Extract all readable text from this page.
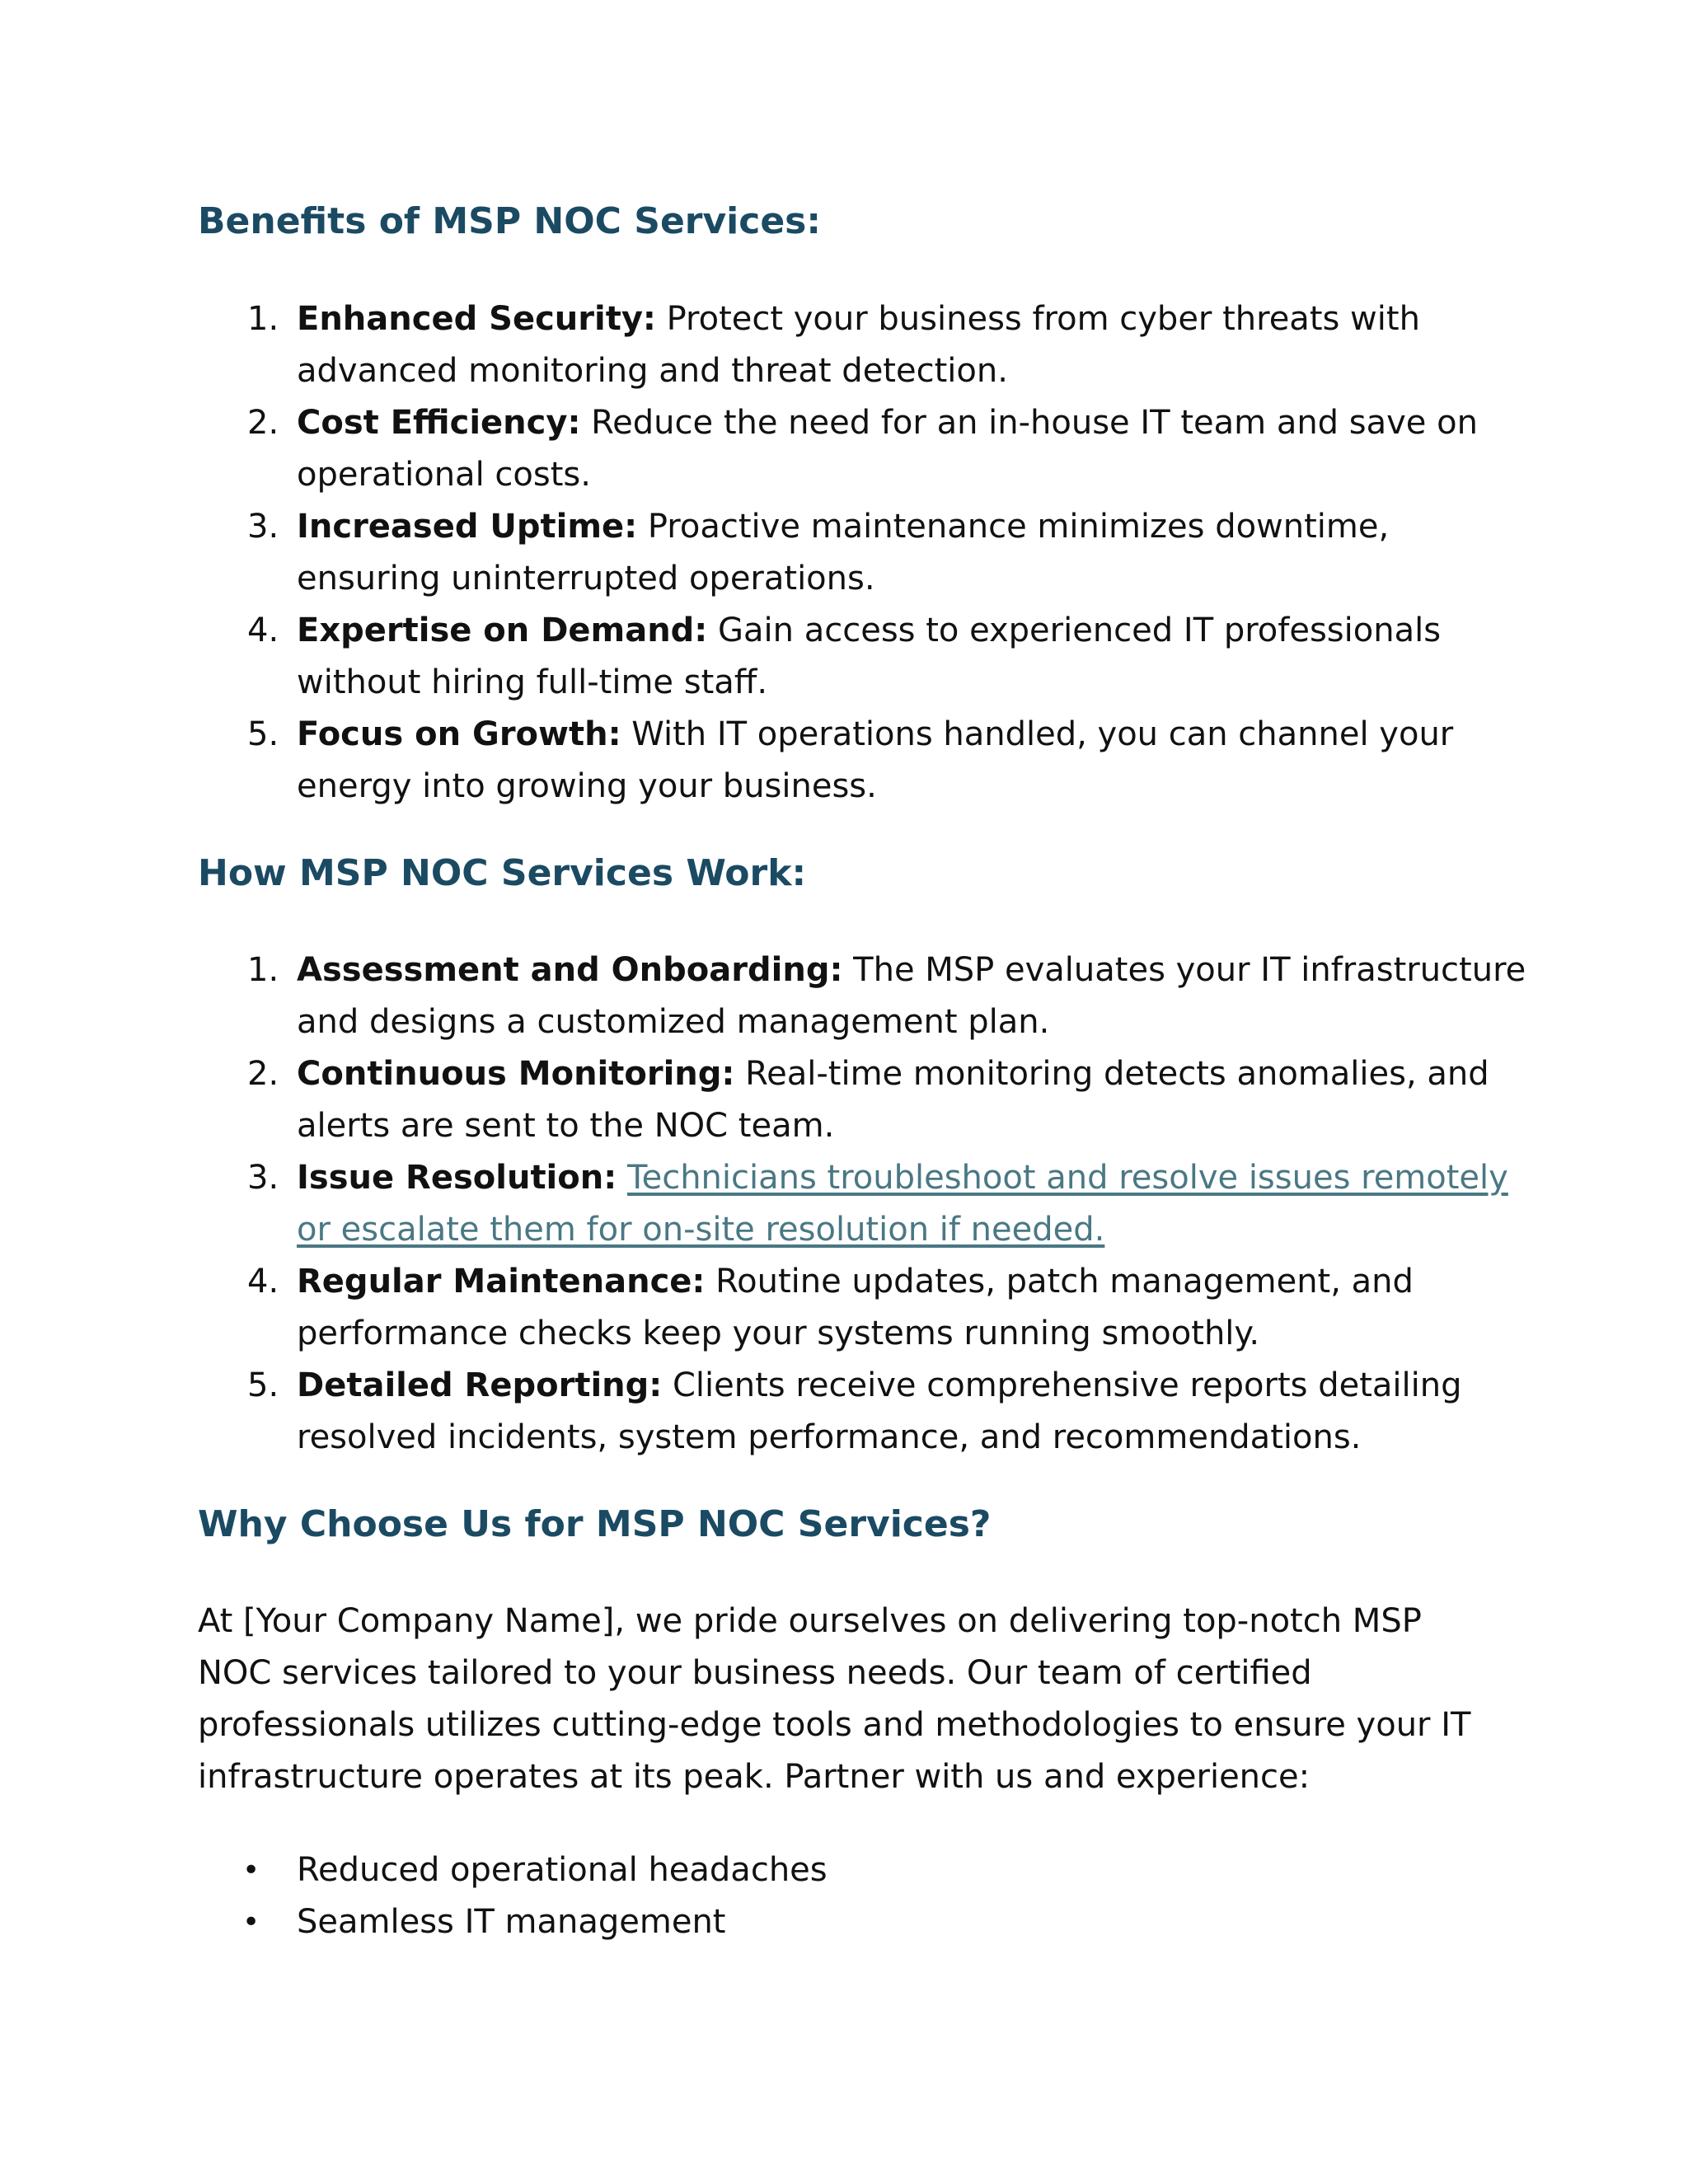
Benefits of MSP NOC Services:
1. Enhanced Security: Protect your business from cyber threats with advanced monitoring and threat detection.
2. Cost Efficiency: Reduce the need for an in-house IT team and save on operational costs.
3. Increased Uptime: Proactive maintenance minimizes downtime, ensuring uninterrupted operations.
4. Expertise on Demand: Gain access to experienced IT professionals without hiring full-time staff.
5. Focus on Growth: With IT operations handled, you can channel your energy into growing your business.
How MSP NOC Services Work:
1. Assessment and Onboarding: The MSP evaluates your IT infrastructure and designs a customized management plan.
2. Continuous Monitoring: Real-time monitoring detects anomalies, and alerts are sent to the NOC team.
3. Issue Resolution: Technicians troubleshoot and resolve issues remotely or escalate them for on-site resolution if needed.
4. Regular Maintenance: Routine updates, patch management, and performance checks keep your systems running smoothly.
5. Detailed Reporting: Clients receive comprehensive reports detailing resolved incidents, system performance, and recommendations.
Why Choose Us for MSP NOC Services?

At [Your Company Name], we pride ourselves on delivering top-notch MSP NOC services tailored to your business needs. Our team of certified professionals utilizes cutting-edge tools and methodologies to ensure your IT infrastructure operates at its peak. Partner with us and experience:

• Reduced operational headaches
• Seamless IT management
